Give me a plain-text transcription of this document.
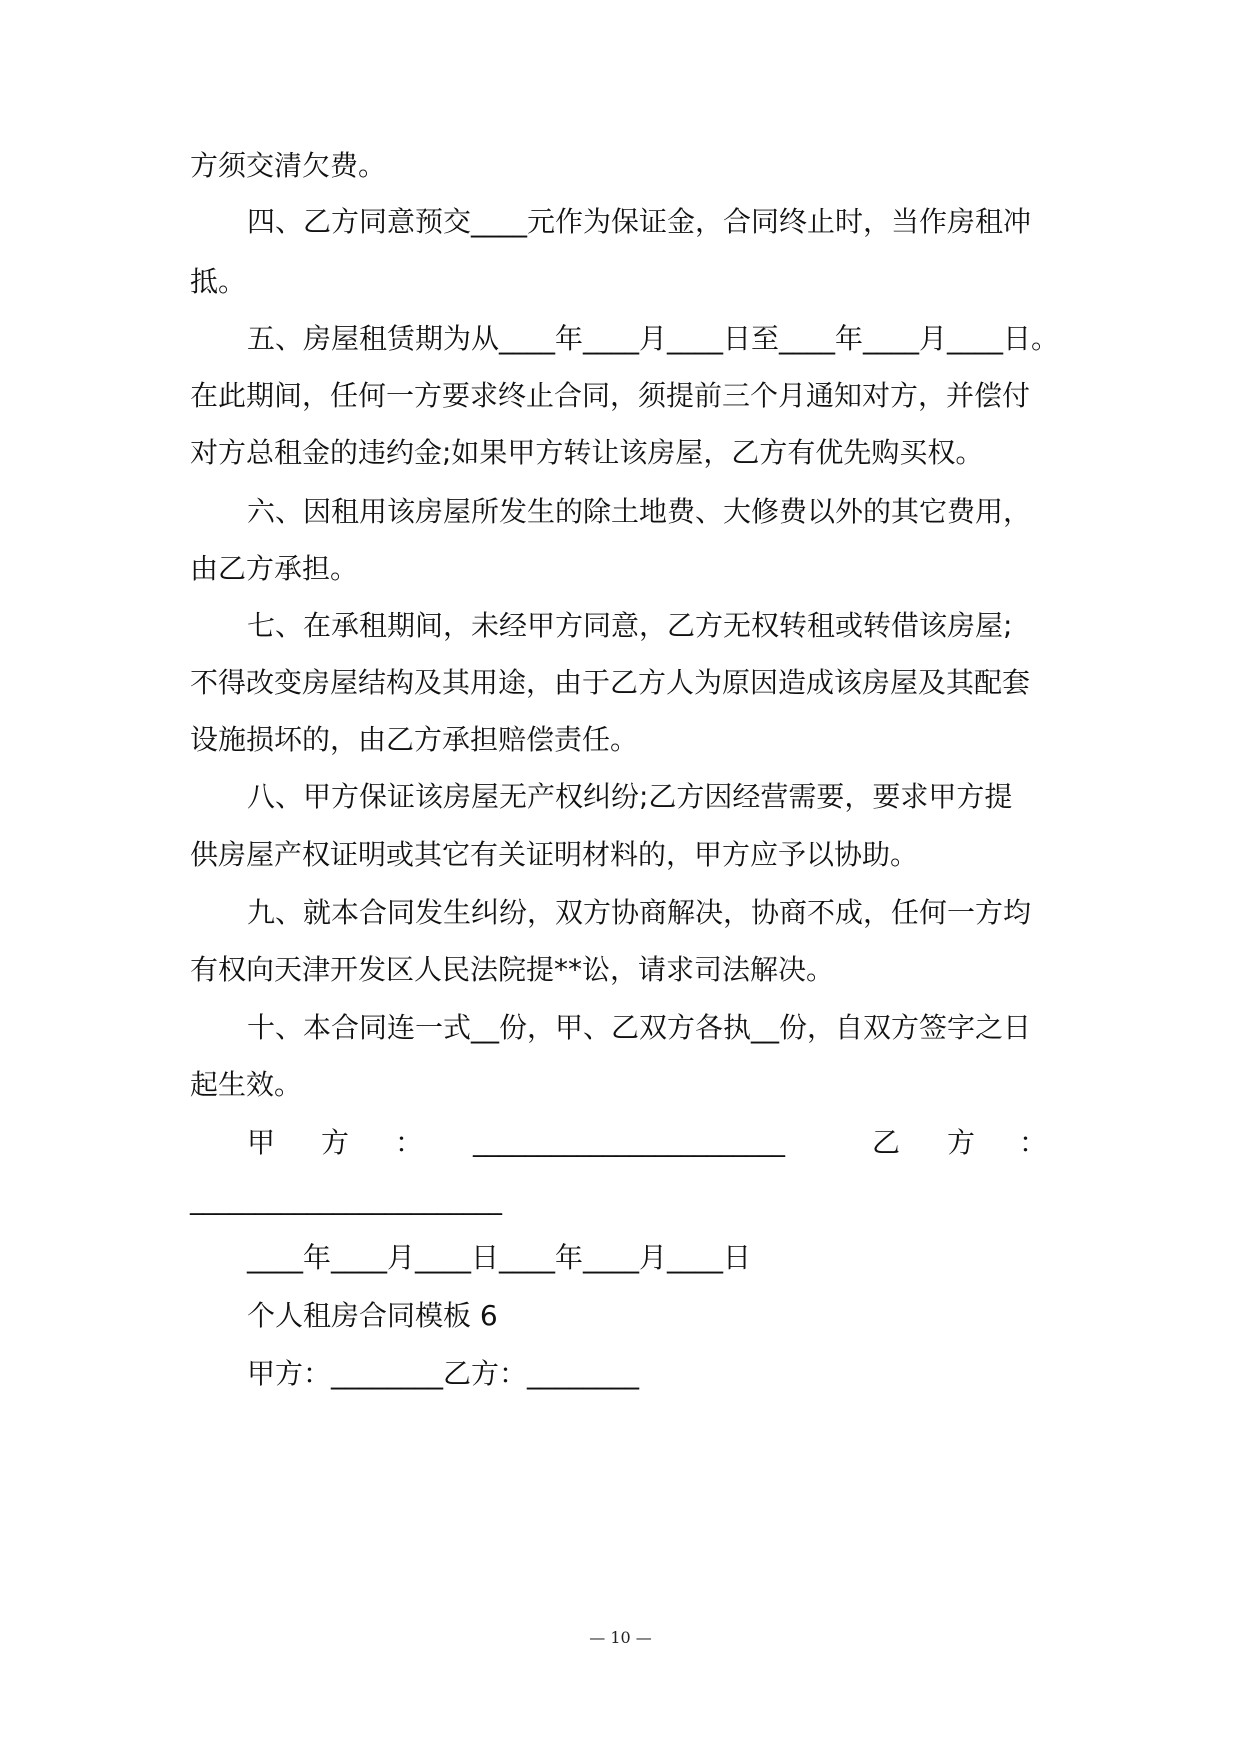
方须交清欠费。
四、乙方同意预交____元作为保证金，合同终止时，当作房租冲
抵。
五、房屋租赁期为从____年____月____日至____年____月____日。
在此期间，任何一方要求终止合同，须提前三个月通知对方，并偿付
对方总租金的违约金;如果甲方转让该房屋，乙方有优先购买权。
六、因租用该房屋所发生的除土地费、大修费以外的其它费用，
由乙方承担。
七、在承租期间，未经甲方同意，乙方无权转租或转借该房屋;
不得改变房屋结构及其用途，由于乙方人为原因造成该房屋及其配套
设施损坏的，由乙方承担赔偿责任。
八、甲方保证该房屋无产权纠纷;乙方因经营需要，要求甲方提
供房屋产权证明或其它有关证明材料的，甲方应予以协助。
九、就本合同发生纠纷，双方协商解决，协商不成，任何一方均
有权向天津开发区人民法院提**讼，请求司法解决。
十、本合同连一式__份，甲、乙双方各执__份，自双方签字之日
起生效。
甲 方 ： ________________________	乙 方 ：
________________________
____年____月____日____年____月____日
个人租房合同模板 6
甲方：________乙方：________
— 10 —
